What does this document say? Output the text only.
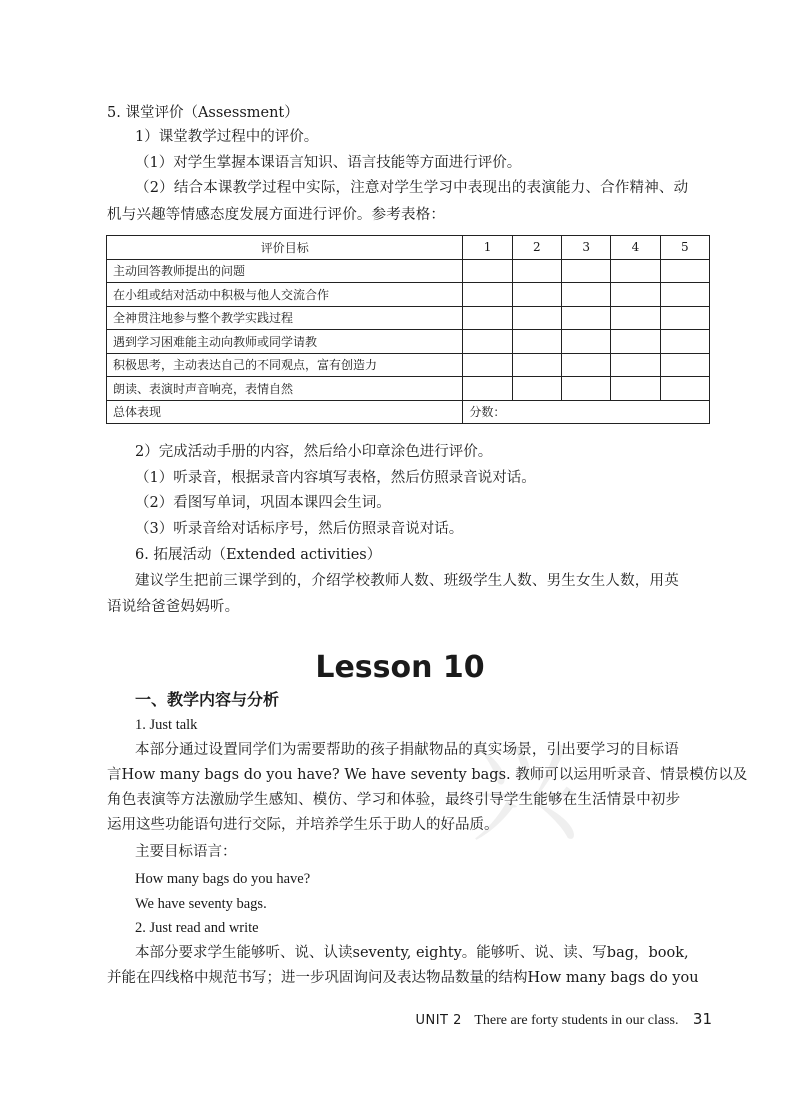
5. 课堂评价（Assessment）
1）课堂教学过程中的评价。
（1）对学生掌握本课语言知识、语言技能等方面进行评价。
（2）结合本课教学过程中实际，注意对学生学习中表现出的表演能力、合作精神、动
机与兴趣等情感态度发展方面进行评价。参考表格：
评价目标	1	2	3	4	5
主动回答教师提出的问题					
在小组或结对活动中积极与他人交流合作					
全神贯注地参与整个教学实践过程					
遇到学习困难能主动向教师或同学请教					
积极思考，主动表达自己的不同观点，富有创造力					
朗读、表演时声音响亮，表情自然					
总体表现	分数：				
2）完成活动手册的内容，然后给小印章涂色进行评价。
（1）听录音，根据录音内容填写表格，然后仿照录音说对话。
（2）看图写单词，巩固本课四会生词。
（3）听录音给对话标序号，然后仿照录音说对话。
6. 拓展活动（Extended activities）
建议学生把前三课学到的，介绍学校教师人数、班级学生人数、男生女生人数，用英
语说给爸爸妈妈听。
Lesson 10
兴
一、教学内容与分析
1. Just talk
本部分通过设置同学们为需要帮助的孩子捐献物品的真实场景，引出要学习的目标语
言How many bags do you have? We have seventy bags. 教师可以运用听录音、情景模仿以及
角色表演等方法激励学生感知、模仿、学习和体验，最终引导学生能够在生活情景中初步
运用这些功能语句进行交际，并培养学生乐于助人的好品质。
主要目标语言：
How many bags do you have?
We have seventy bags.
2. Just read and write
本部分要求学生能够听、说、认读seventy, eighty。能够听、说、读、写bag，book,
并能在四线格中规范书写；进一步巩固询问及表达物品数量的结构How many bags do you
UNIT 2 There are forty students in our class. 31
